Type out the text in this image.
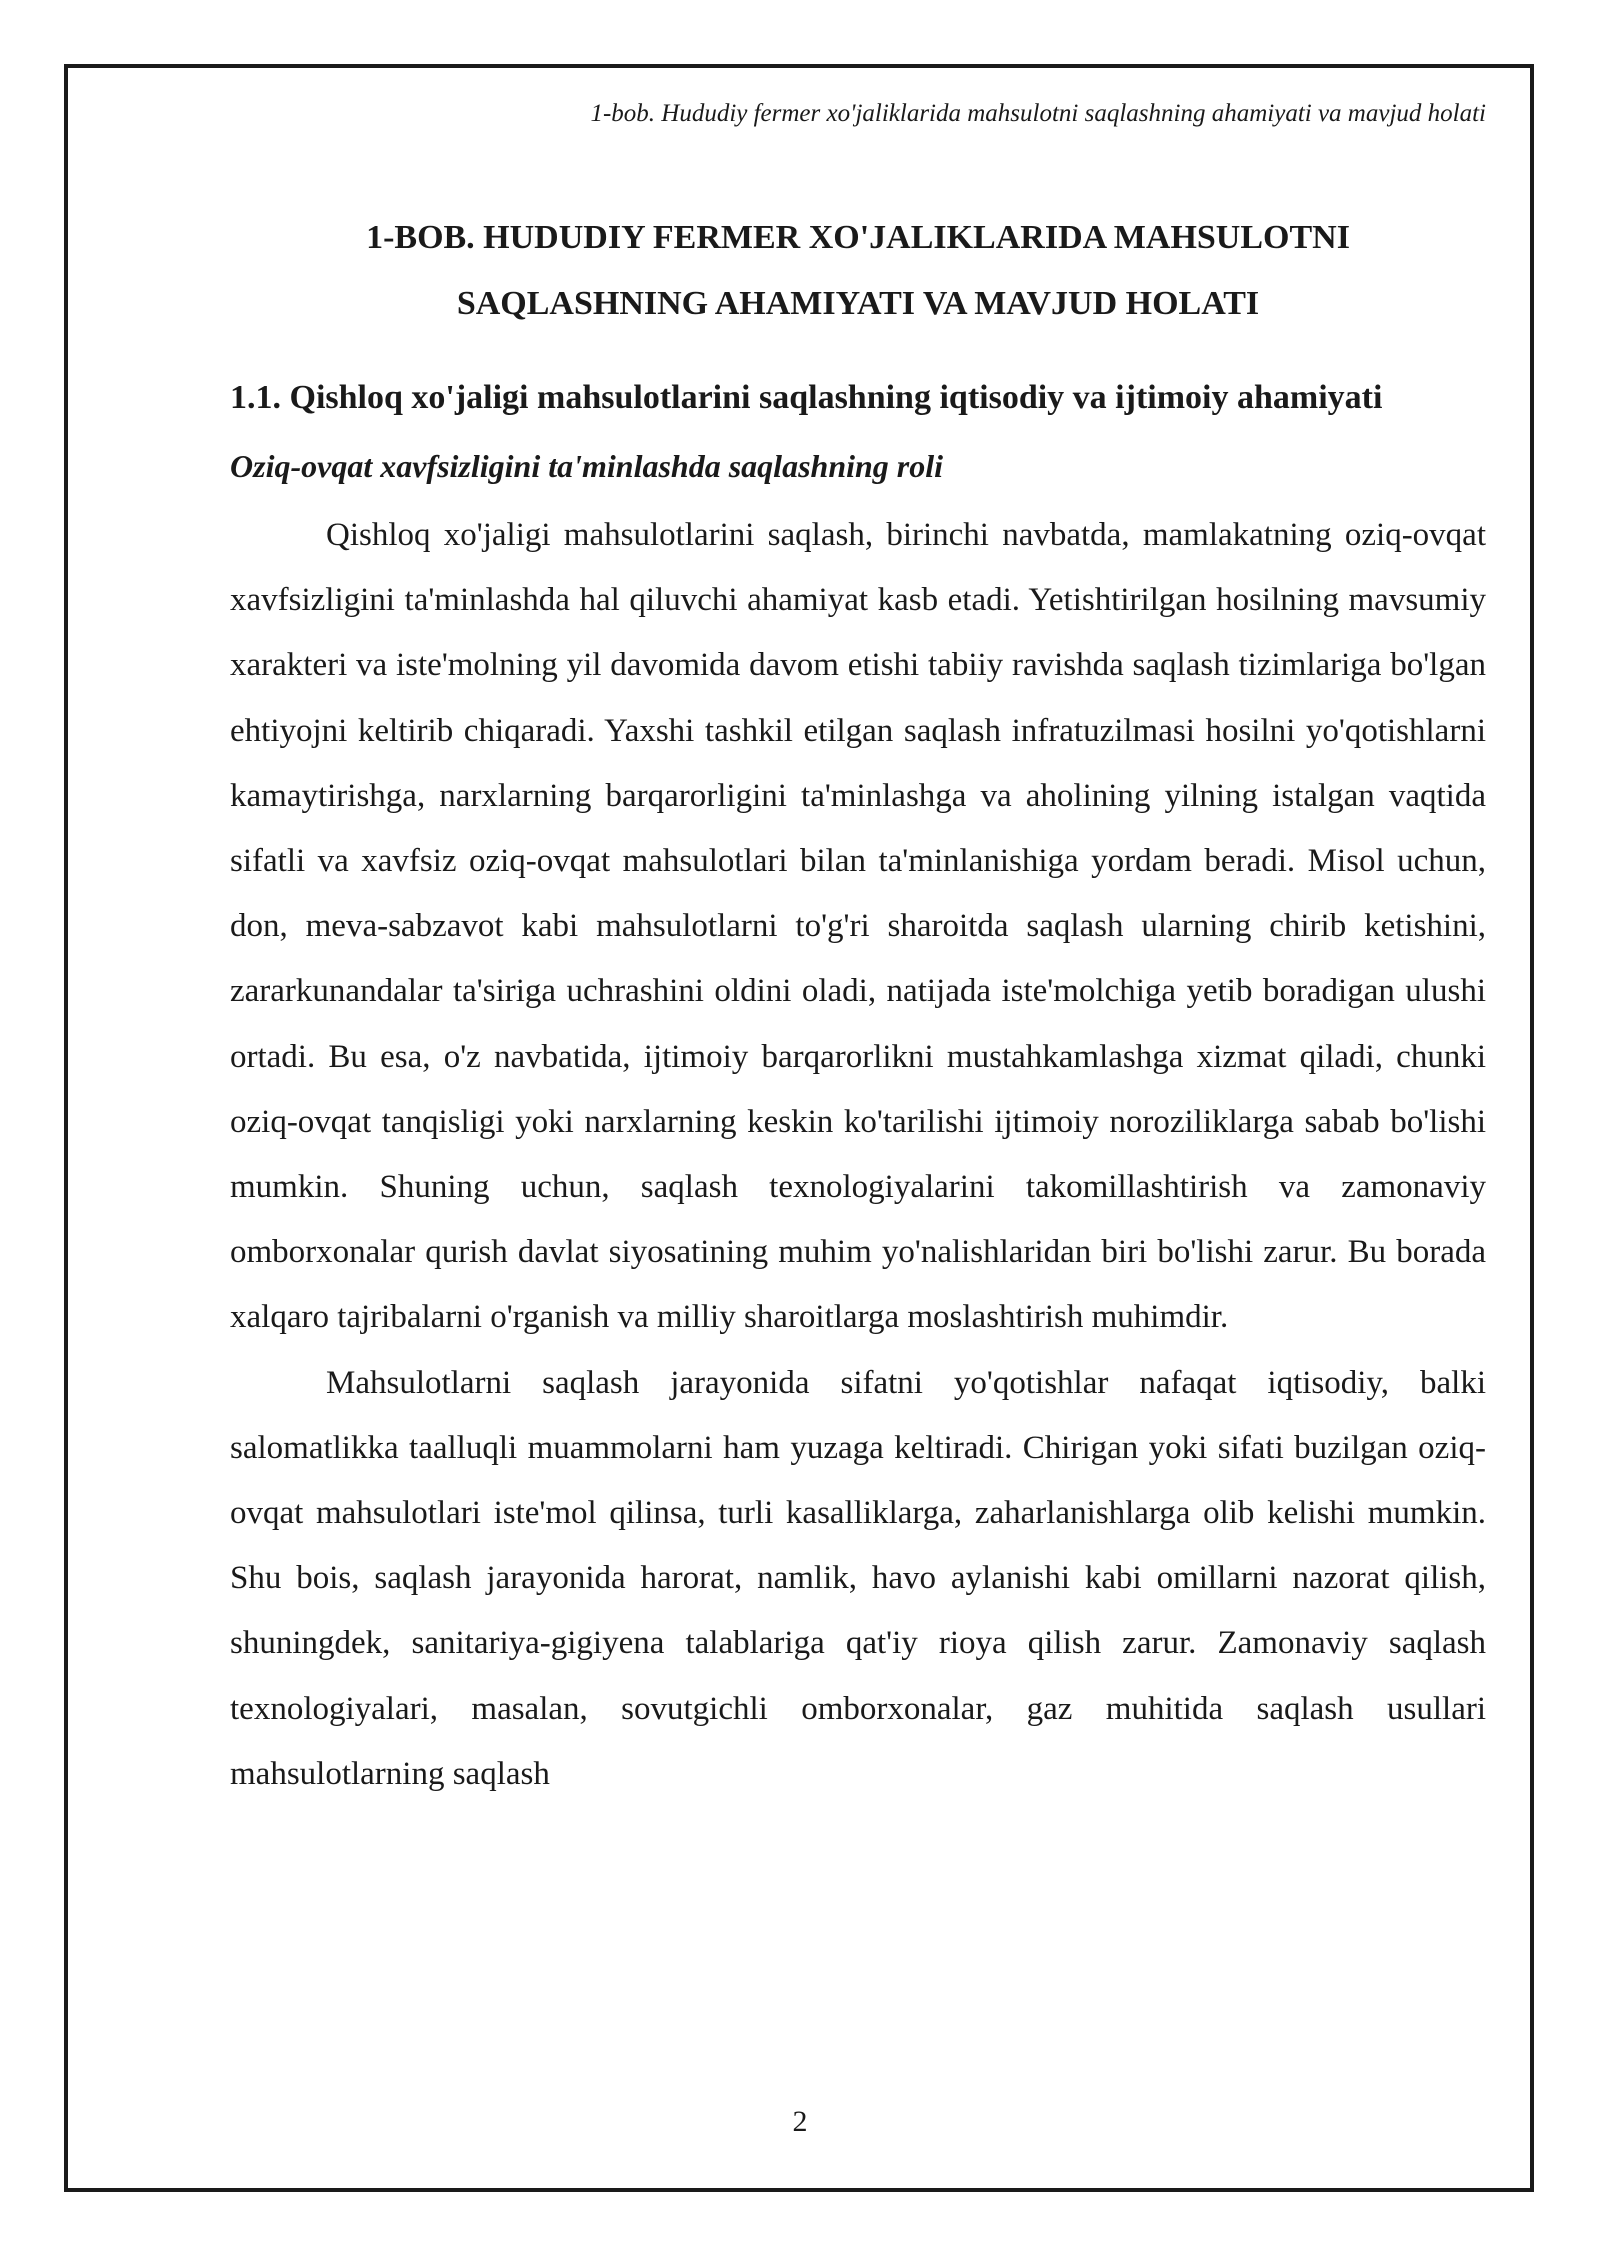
1-bob. Hududiy fermer xo'jaliklarida mahsulotni saqlashning ahamiyati va mavjud holati
1-BOB. HUDUDIY FERMER XO'JALIKLARIDA MAHSULOTNI
SAQLASHNING AHAMIYATI VA MAVJUD HOLATI
1.1. Qishloq xo'jaligi mahsulotlarini saqlashning iqtisodiy va ijtimoiy ahamiyati
Oziq-ovqat xavfsizligini ta'minlashda saqlashning roli

Qishloq xo'jaligi mahsulotlarini saqlash, birinchi navbatda, mamlakatning oziq-ovqat xavfsizligini ta'minlashda hal qiluvchi ahamiyat kasb etadi. Yetishtirilgan hosilning mavsumiy xarakteri va iste'molning yil davomida davom etishi tabiiy ravishda saqlash tizimlariga bo'lgan ehtiyojni keltirib chiqaradi. Yaxshi tashkil etilgan saqlash infratuzilmasi hosilni yo'qotishlarni kamaytirishga, narxlarning barqarorligini ta'minlashga va aholining yilning istalgan vaqtida sifatli va xavfsiz oziq-ovqat mahsulotlari bilan ta'minlanishiga yordam beradi. Misol uchun, don, meva-sabzavot kabi mahsulotlarni to'g'ri sharoitda saqlash ularning chirib ketishini, zararkunandalar ta'siriga uchrashini oldini oladi, natijada iste'molchiga yetib boradigan ulushi ortadi. Bu esa, o'z navbatida, ijtimoiy barqarorlikni mustahkamlashga xizmat qiladi, chunki oziq-ovqat tanqisligi yoki narxlarning keskin ko'tarilishi ijtimoiy noroziliklarga sabab bo'lishi mumkin. Shuning uchun, saqlash texnologiyalarini takomillashtirish va zamonaviy omborxonalar qurish davlat siyosatining muhim yo'nalishlaridan biri bo'lishi zarur. Bu borada xalqaro tajribalarni o'rganish va milliy sharoitlarga moslashtirish muhimdir.

Mahsulotlarni saqlash jarayonida sifatni yo'qotishlar nafaqat iqtisodiy, balki salomatlikka taalluqli muammolarni ham yuzaga keltiradi. Chirigan yoki sifati buzilgan oziq-ovqat mahsulotlari iste'mol qilinsa, turli kasalliklarga, zaharlanishlarga olib kelishi mumkin. Shu bois, saqlash jarayonida harorat, namlik, havo aylanishi kabi omillarni nazorat qilish, shuningdek, sanitariya-gigiyena talablariga qat'iy rioya qilish zarur. Zamonaviy saqlash texnologiyalari, masalan, sovutgichli omborxonalar, gaz muhitida saqlash usullari mahsulotlarning saqlash

2
